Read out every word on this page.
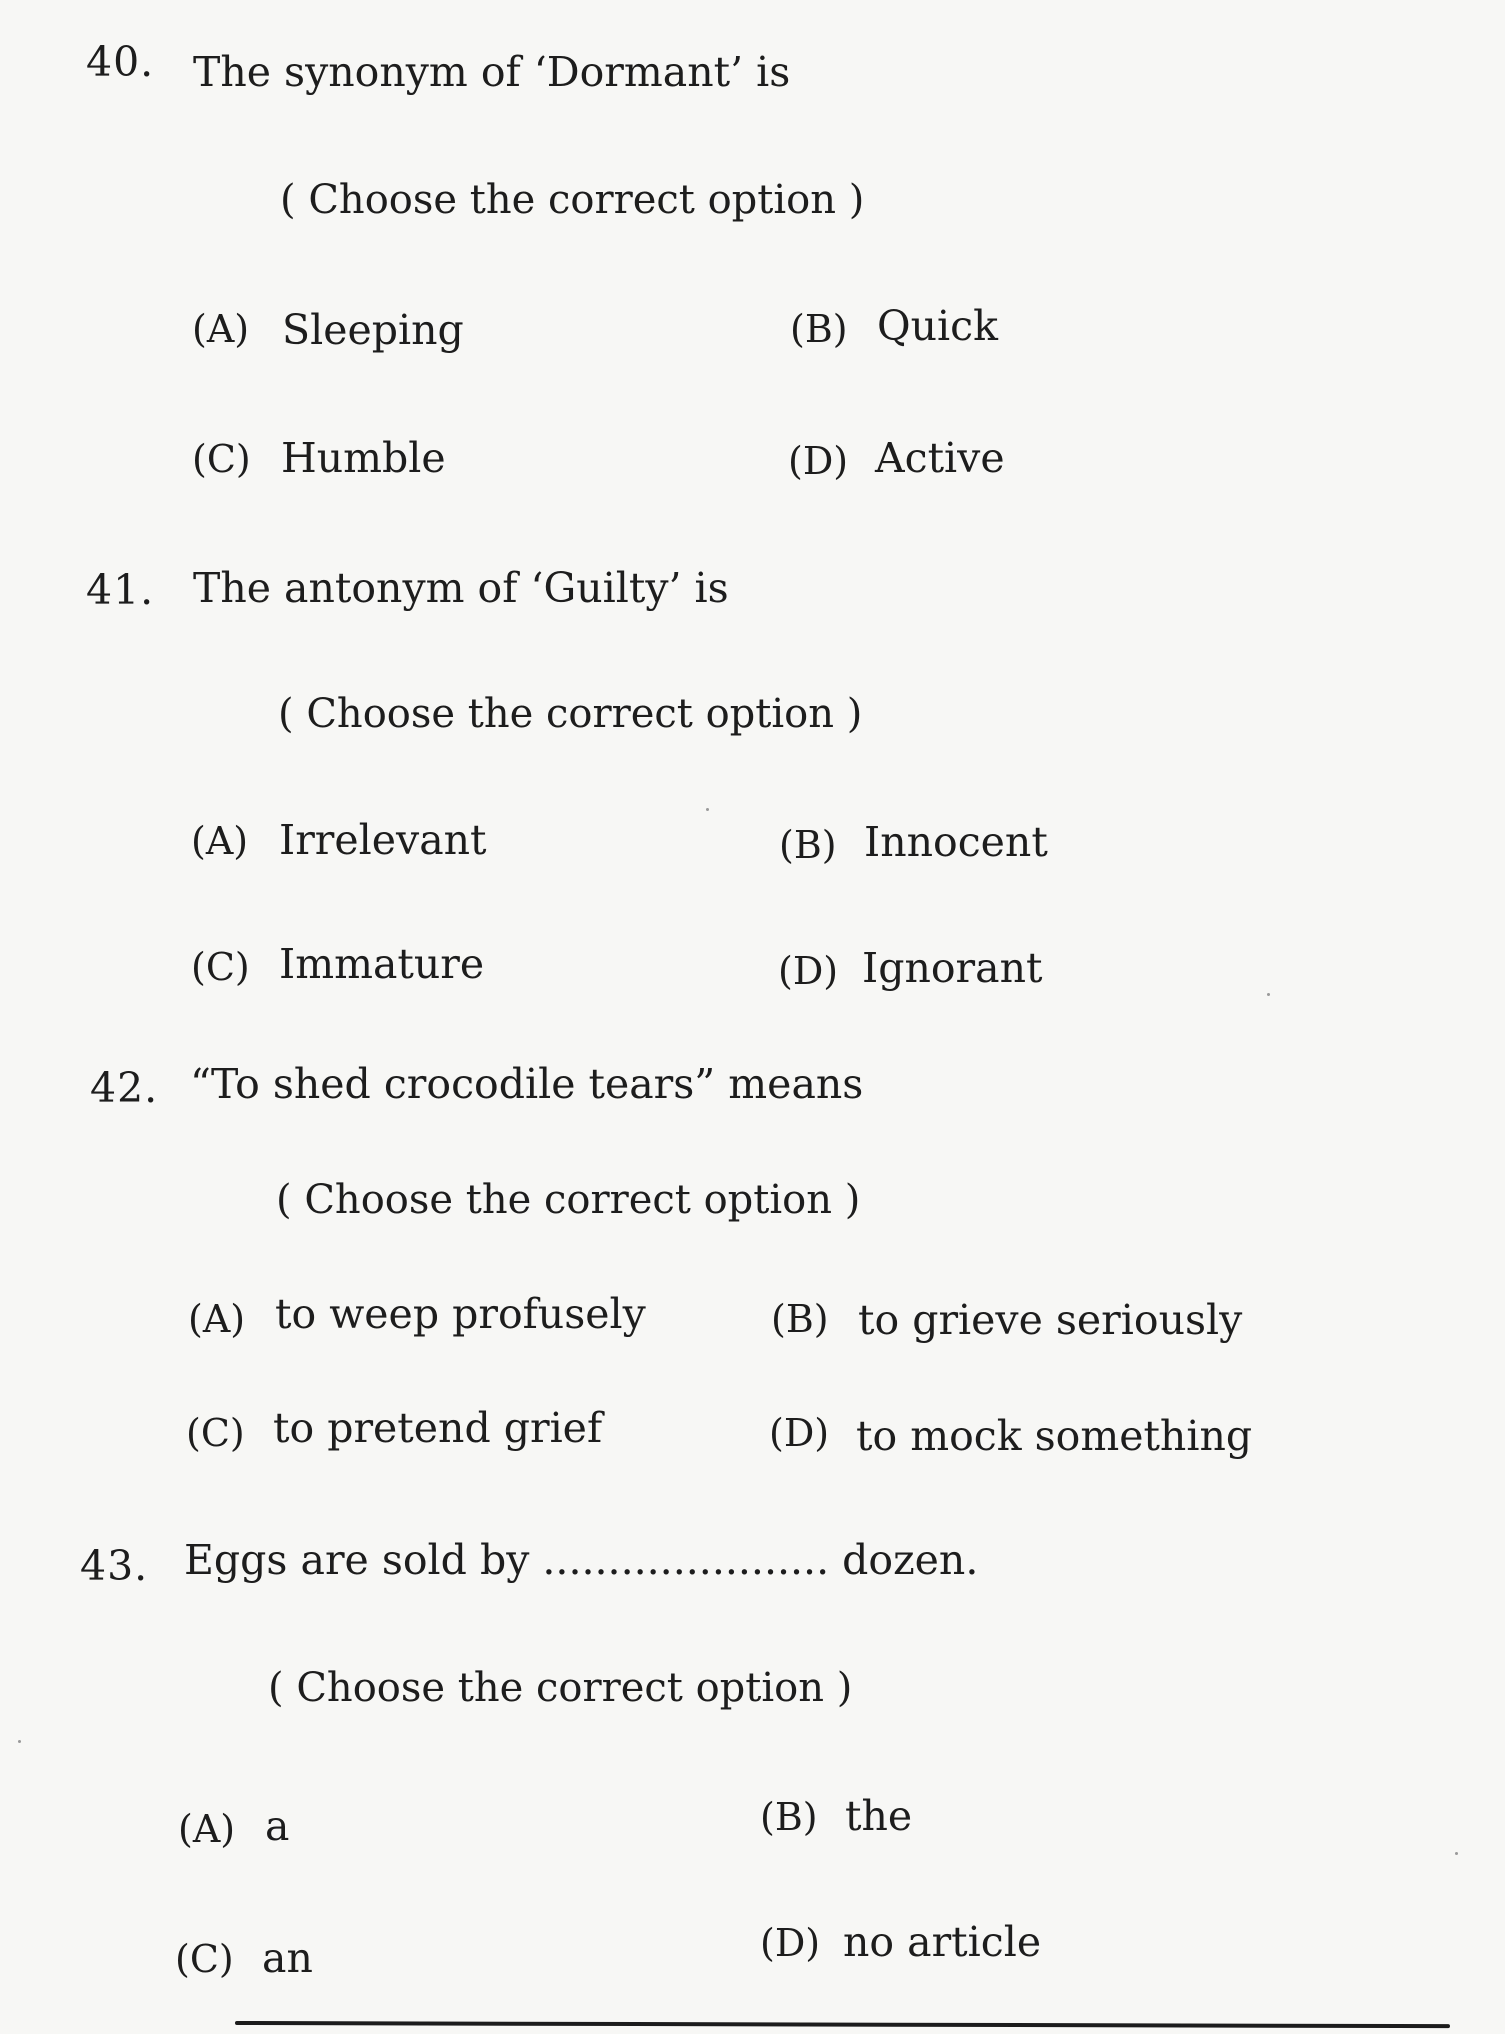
40. The synonym of ‘Dormant’ is
( Choose the correct option )
(A) Sleeping	(B) Quick
(C) Humble	(D) Active
41. The antonym of ‘Guilty’ is
( Choose the correct option )
(A) Irrelevant	(B) Innocent
(C) Immature	(D) Ignorant
42. “To shed crocodile tears” means
( Choose the correct option )
(A) to weep profusely	(B) to grieve seriously
(C) to pretend grief	(D) to mock something
43. Eggs are sold by ...................... dozen.
( Choose the correct option )
(A) a	(B) the
(C) an	(D) no article
